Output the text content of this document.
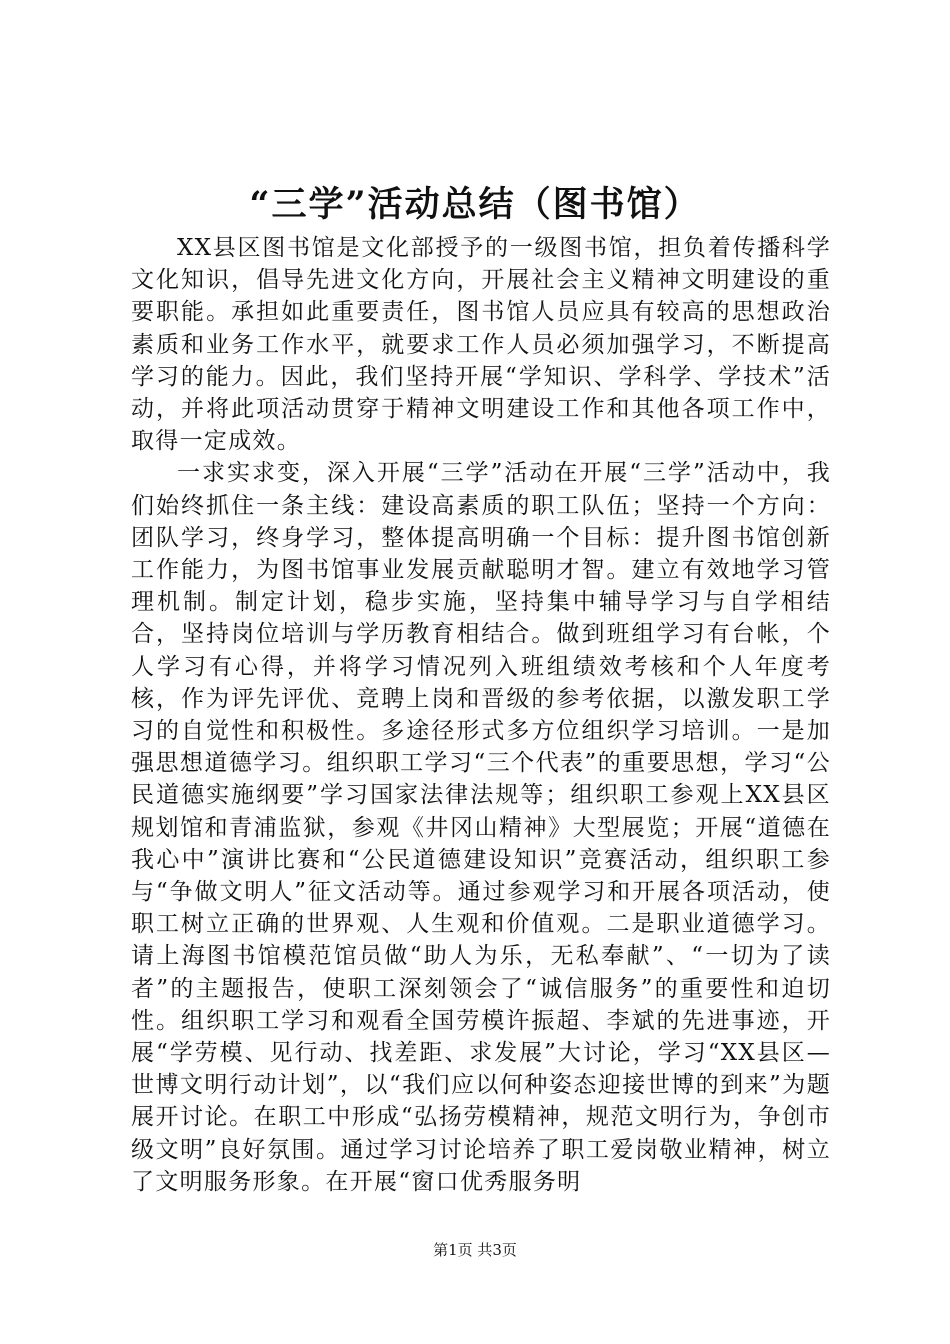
“三学”活动总结（图书馆）

XX县区图书馆是文化部授予的一级图书馆，担负着传播科学文化知识，倡导先进文化方向，开展社会主义精神文明建设的重要职能。承担如此重要责任，图书馆人员应具有较高的思想政治素质和业务工作水平，就要求工作人员必须加强学习，不断提高学习的能力。因此，我们坚持开展“学知识、学科学、学技术”活动，并将此项活动贯穿于精神文明建设工作和其他各项工作中，取得一定成效。

一求实求变，深入开展“三学”活动在开展“三学”活动中，我们始终抓住一条主线：建设高素质的职工队伍；坚持一个方向：团队学习，终身学习，整体提高明确一个目标：提升图书馆创新工作能力，为图书馆事业发展贡献聪明才智。建立有效地学习管理机制。制定计划，稳步实施，坚持集中辅导学习与自学相结合，坚持岗位培训与学历教育相结合。做到班组学习有台帐，个人学习有心得，并将学习情况列入班组绩效考核和个人年度考核，作为评先评优、竞聘上岗和晋级的参考依据，以激发职工学习的自觉性和积极性。多途径形式多方位组织学习培训。一是加强思想道德学习。组织职工学习“三个代表”的重要思想，学习“公民道德实施纲要”学习国家法律法规等；组织职工参观上XX县区规划馆和青浦监狱，参观《井冈山精神》大型展览；开展“道德在我心中”演讲比赛和“公民道德建设知识”竞赛活动，组织职工参与“争做文明人”征文活动等。通过参观学习和开展各项活动，使职工树立正确的世界观、人生观和价值观。二是职业道德学习。请上海图书馆模范馆员做“助人为乐，无私奉献”、“一切为了读者”的主题报告，使职工深刻领会了“诚信服务”的重要性和迫切性。组织职工学习和观看全国劳模许振超、李斌的先进事迹，开展“学劳模、见行动、找差距、求发展”大讨论，学习“XX县区—世博文明行动计划”，以“我们应以何种姿态迎接世博的到来”为题展开讨论。在职工中形成“弘扬劳模精神，规范文明行为，争创市级文明”良好氛围。通过学习讨论培养了职工爱岗敬业精神，树立了文明服务形象。在开展“窗口优秀服务明

第1页 共3页
